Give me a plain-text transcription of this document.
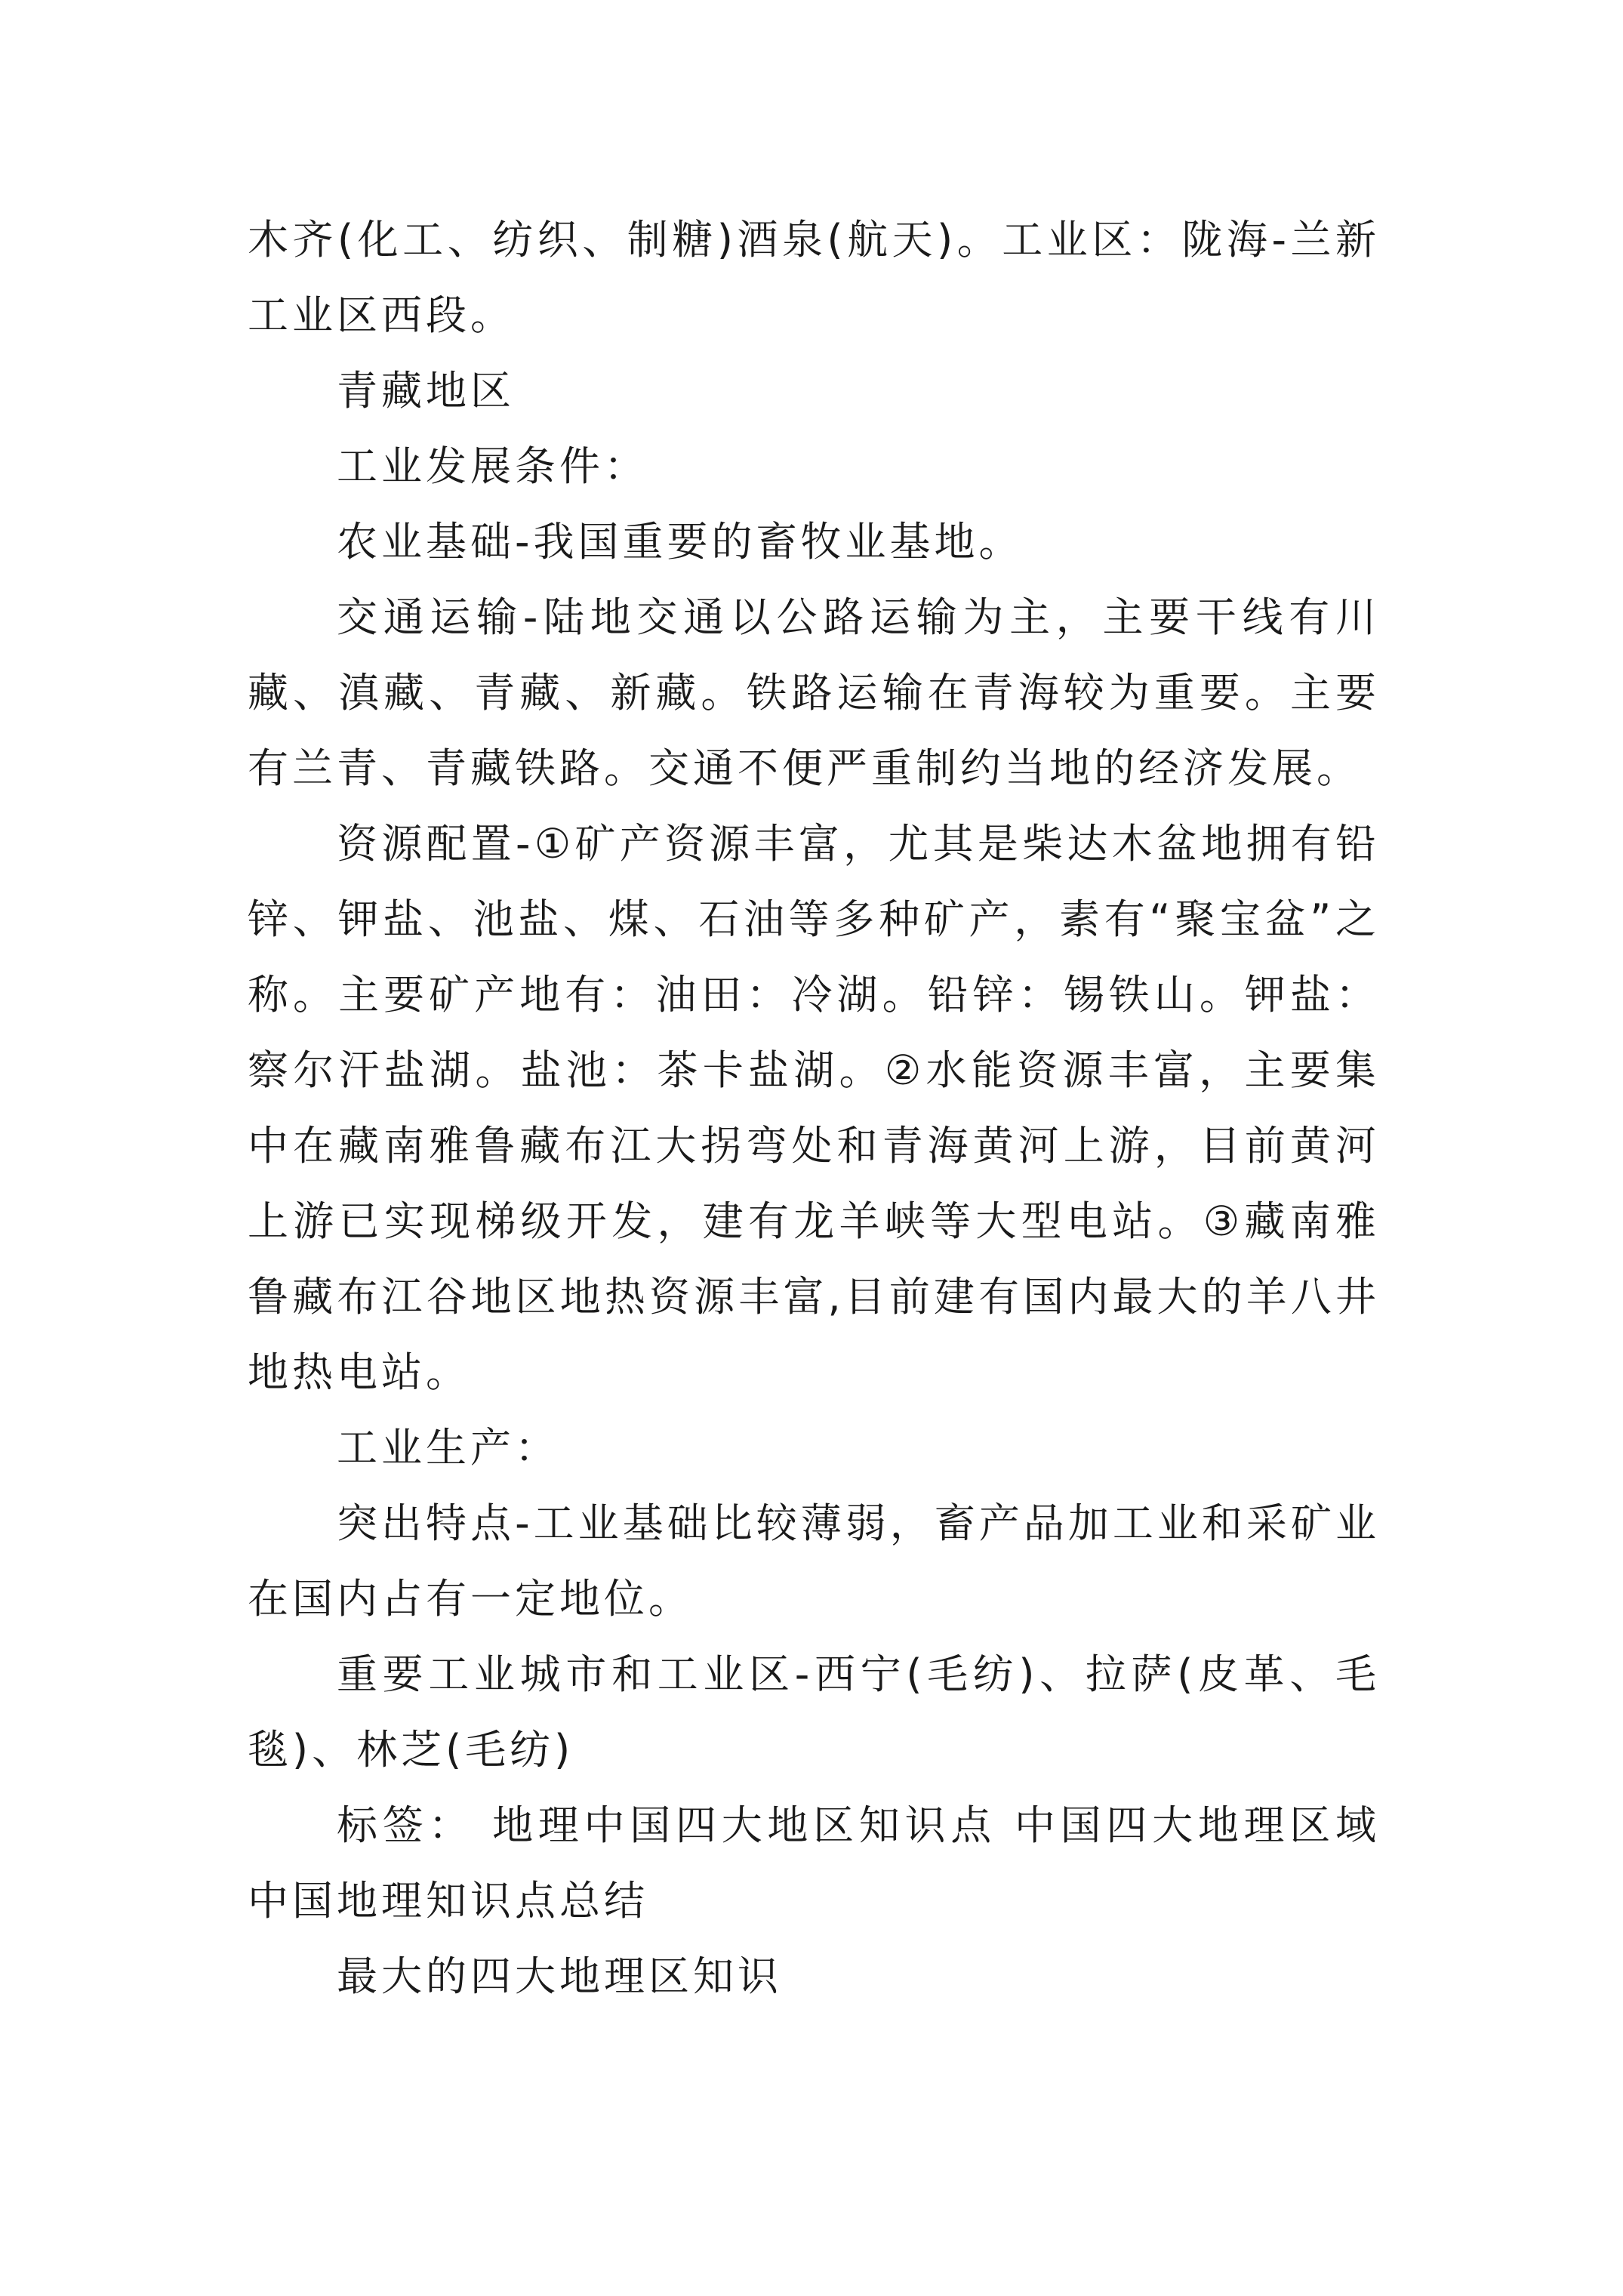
木齐(化工、纺织、制糖)酒泉(航天)。工业区：陇海-兰新工业区西段。

青藏地区

工业发展条件：

农业基础-我国重要的畜牧业基地。

交通运输-陆地交通以公路运输为主，主要干线有川藏、滇藏、青藏、新藏。铁路运输在青海较为重要。主要有兰青、青藏铁路。交通不便严重制约当地的经济发展。

资源配置-①矿产资源丰富，尤其是柴达木盆地拥有铅锌、钾盐、池盐、煤、石油等多种矿产，素有“聚宝盆”之称。主要矿产地有：油田：冷湖。铅锌：锡铁山。钾盐：察尔汗盐湖。盐池：茶卡盐湖。②水能资源丰富，主要集中在藏南雅鲁藏布江大拐弯处和青海黄河上游，目前黄河上游已实现梯级开发，建有龙羊峡等大型电站。③藏南雅鲁藏布江谷地区地热资源丰富,目前建有国内最大的羊八井地热电站。

工业生产：

突出特点-工业基础比较薄弱，畜产品加工业和采矿业在国内占有一定地位。

重要工业城市和工业区-西宁(毛纺)、拉萨(皮革、毛毯)、林芝(毛纺)

标签： 地理中国四大地区知识点 中国四大地理区域中国地理知识点总结

最大的四大地理区知识
